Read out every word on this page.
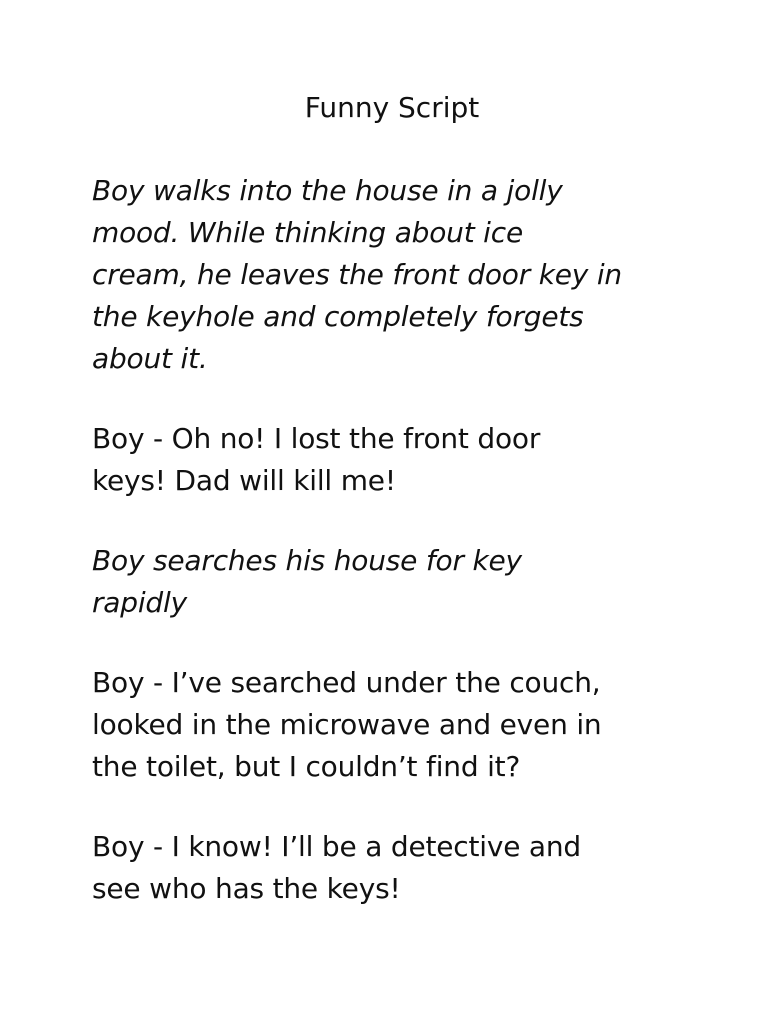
Funny Script

Boy walks into the house in a jolly
mood. While thinking about ice
cream, he leaves the front door key in
the keyhole and completely forgets
about it.

Boy - Oh no! I lost the front door
keys! Dad will kill me!

Boy searches his house for key
rapidly

Boy - I’ve searched under the couch,
looked in the microwave and even in
the toilet, but I couldn’t find it?

Boy - I know! I’ll be a detective and
see who has the keys!
